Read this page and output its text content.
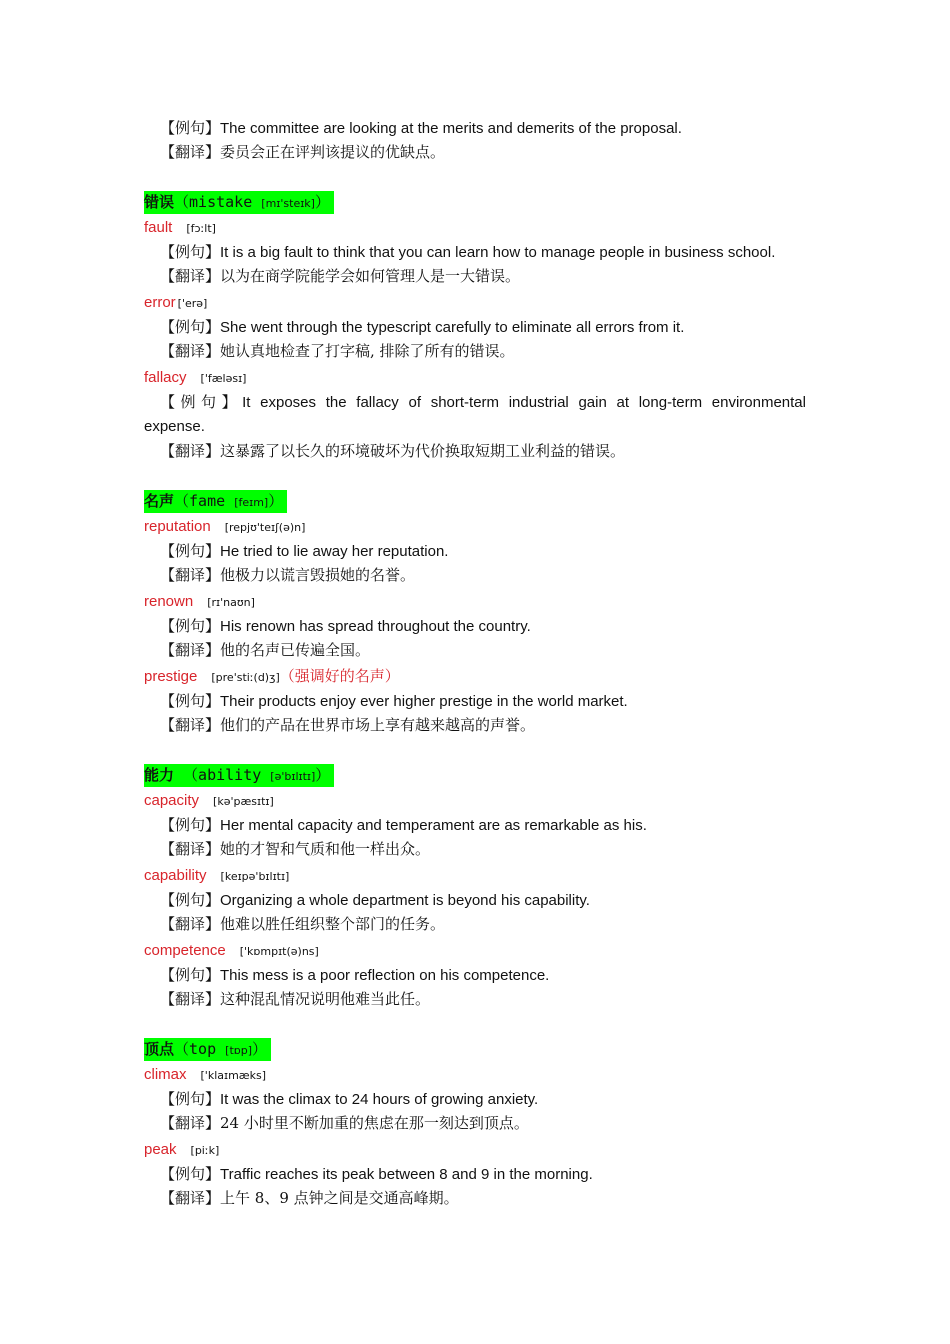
【例句】The committee are looking at the merits and demerits of the proposal.
【翻译】委员会正在评判该提议的优缺点。
错误（mistake [mɪ'steɪk]）
fault [fɔːlt]
【例句】It is a big fault to think that you can learn how to manage people in business school.
【翻译】以为在商学院能学会如何管理人是一大错误。
error ['erə]
【例句】She went through the typescript carefully to eliminate all errors from it.
【翻译】她认真地检查了打字稿, 排除了所有的错误。
fallacy ['fæləsɪ]
【例句】It exposes the fallacy of short-term industrial gain at long-term environmental
expense.
【翻译】这暴露了以长久的环境破坏为代价换取短期工业利益的错误。
名声（fame [feɪm]）
reputation [repjʊ'teɪʃ(ə)n]
【例句】He tried to lie away her reputation.
【翻译】他极力以谎言毁损她的名誉。
renown [rɪ'naʊn]
【例句】His renown has spread throughout the country.
【翻译】他的名声已传遍全国。
prestige [pre'stiː(d)ʒ]（强调好的名声）
【例句】Their products enjoy ever higher prestige in the world market.
【翻译】他们的产品在世界市场上享有越来越高的声誉。
能力 （ability [ə'bɪlɪtɪ]）
capacity [kə'pæsɪtɪ]
【例句】Her mental capacity and temperament are as remarkable as his.
【翻译】她的才智和气质和他一样出众。
capability [keɪpə'bɪlɪtɪ]
【例句】Organizing a whole department is beyond his capability.
【翻译】他难以胜任组织整个部门的任务。
competence ['kɒmpɪt(ə)ns]
【例句】This mess is a poor reflection on his competence.
【翻译】这种混乱情况说明他难当此任。
顶点（top [tɒp]）
climax ['klaɪmæks]
【例句】It was the climax to 24 hours of growing anxiety.
【翻译】24 小时里不断加重的焦虑在那一刻达到顶点。
peak [piːk]
【例句】Traffic reaches its peak between 8 and 9 in the morning.
【翻译】上午 8、9 点钟之间是交通高峰期。
